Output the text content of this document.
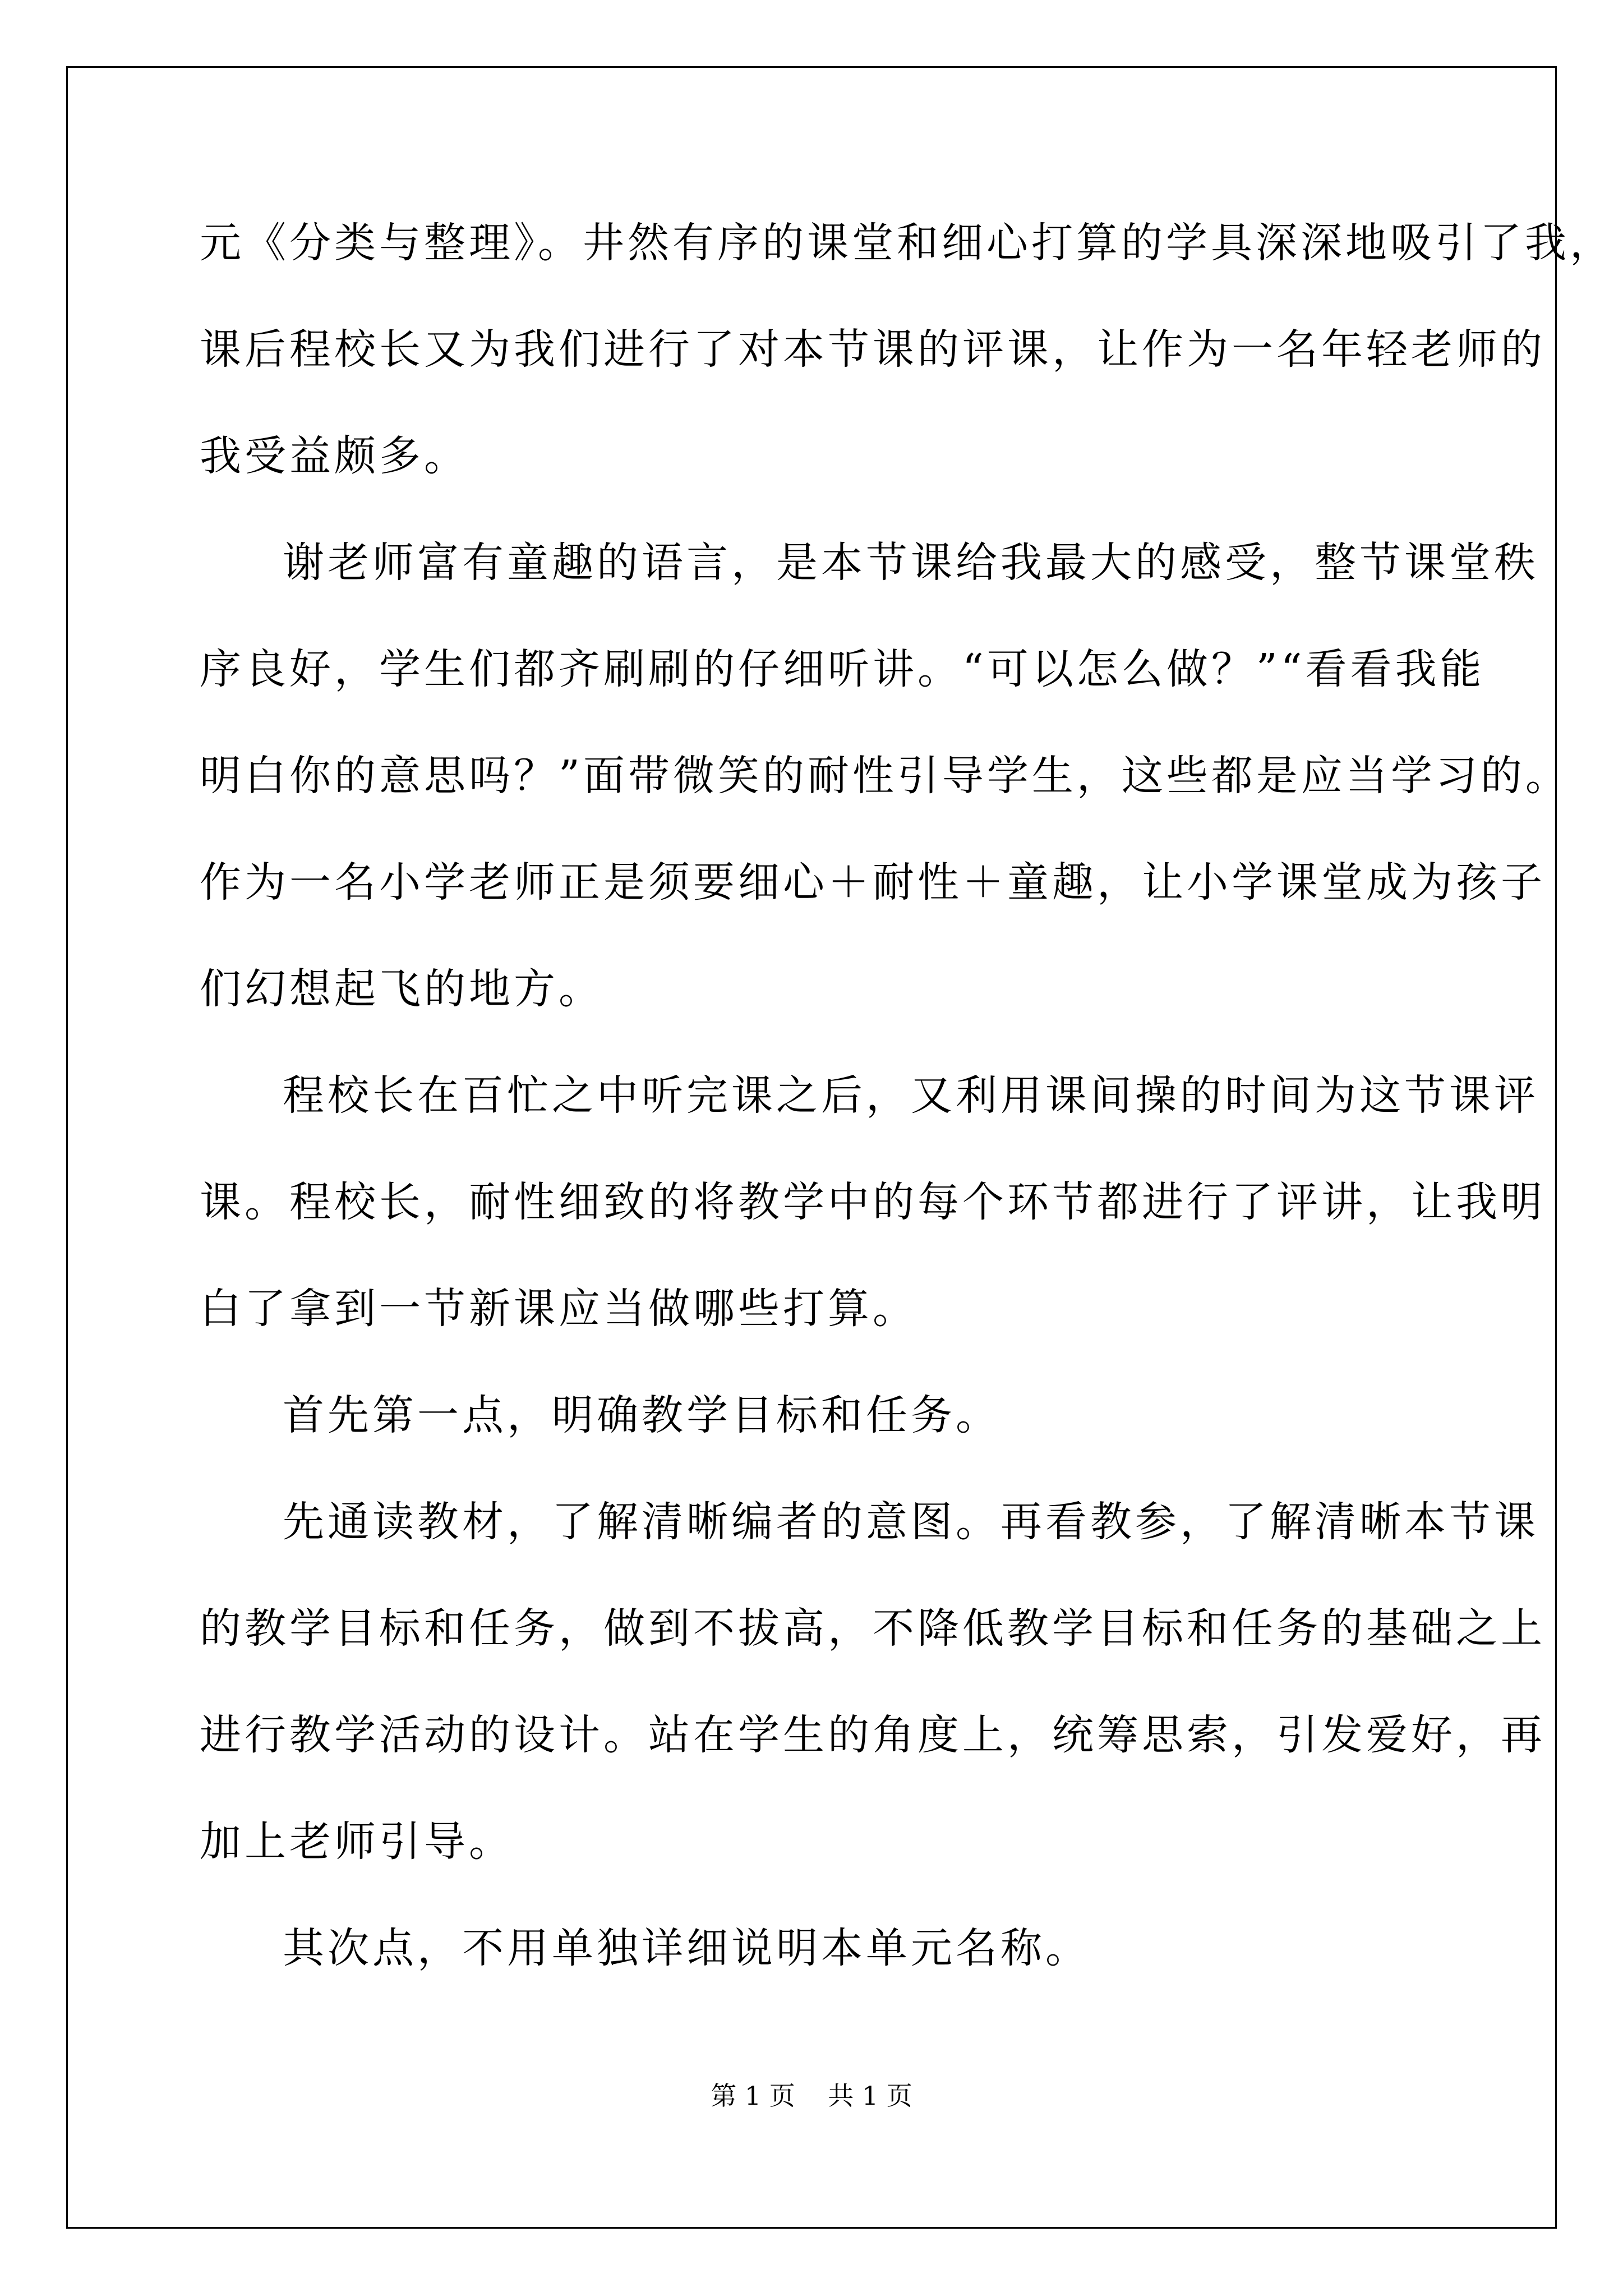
元《分类与整理》。井然有序的课堂和细心打算的学具深深地吸引了我，
课后程校长又为我们进行了对本节课的评课，让作为一名年轻老师的
我受益颇多。
谢老师富有童趣的语言，是本节课给我最大的感受，整节课堂秩
序良好，学生们都齐刷刷的仔细听讲。“可以怎么做？”“看看我能
明白你的意思吗？”面带微笑的耐性引导学生，这些都是应当学习的。
作为一名小学老师正是须要细心＋耐性＋童趣，让小学课堂成为孩子
们幻想起飞的地方。
程校长在百忙之中听完课之后，又利用课间操的时间为这节课评
课。程校长，耐性细致的将教学中的每个环节都进行了评讲，让我明
白了拿到一节新课应当做哪些打算。
首先第一点，明确教学目标和任务。
先通读教材，了解清晰编者的意图。再看教参，了解清晰本节课
的教学目标和任务，做到不拔高，不降低教学目标和任务的基础之上
进行教学活动的设计。站在学生的角度上，统筹思索，引发爱好，再
加上老师引导。
其次点，不用单独详细说明本单元名称。
第 1 页    共 1 页
